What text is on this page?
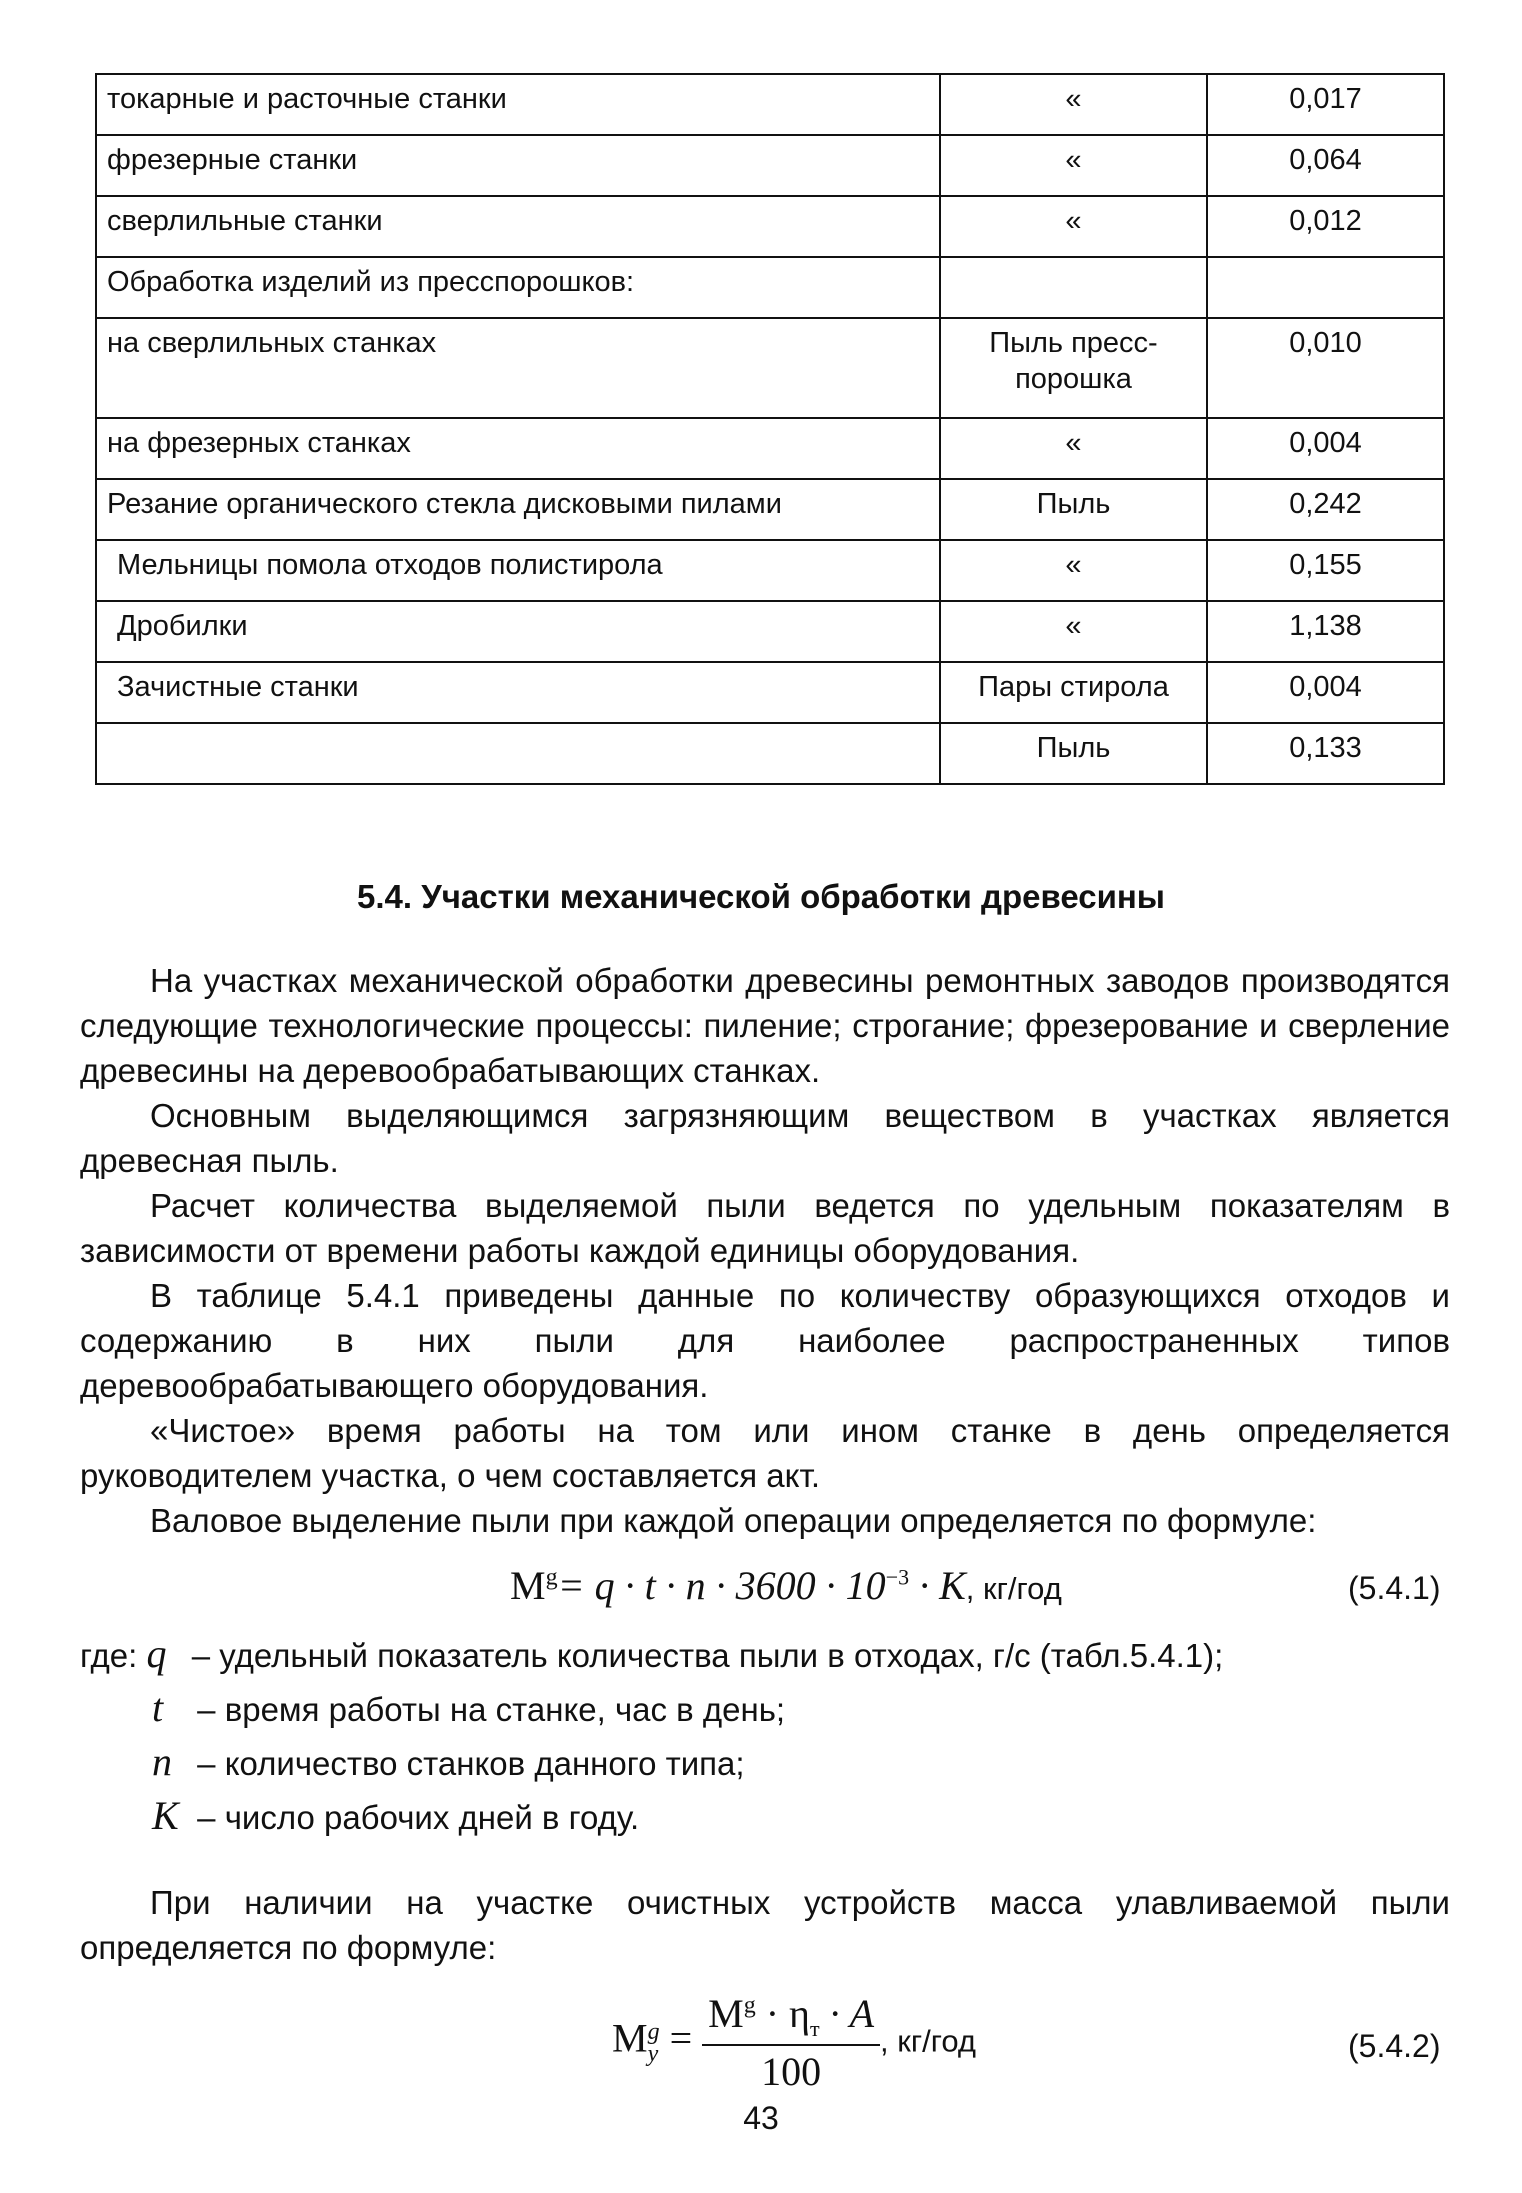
токарные и расточные станки	«	0,017
фрезерные станки	«	0,064
сверлильные станки	«	0,012
Обработка изделий из пресспорошков:		
на сверлильных станках	Пыль пресс-порошка	0,010
на фрезерных станках	«	0,004
Резание органического стекла дисковыми пилами	Пыль	0,242
Мельницы помола отходов полистирола	«	0,155
Дробилки	«	1,138
Зачистные станки	Пары стирола	0,004
	Пыль	0,133
5.4. Участки механической обработки древесины

На участках механической обработки древесины ремонтных заводов производятся следующие технологические процессы: пиление; строгание; фрезерование и сверление древесины на деревообрабатывающих станках.

Основным выделяющимся загрязняющим веществом в участках является древесная пыль.

Расчет количества выделяемой пыли ведется по удельным показателям в зависимости от времени работы каждой единицы оборудования.

В таблице 5.4.1 приведены данные по количеству образующихся отходов и содержанию в них пыли для наиболее распространенных типов деревообрабатывающего оборудования.

«Чистое» время работы на том или ином станке в день определяется руководителем участка, о чем составляется акт.

Валовое выделение пыли при каждой операции определяется по формуле:

$M^g= q \cdot t \cdot n \cdot 3600 \cdot 10^{-3} \cdot K$, кг/год	(5.4.1)
где: q – удельный показатель количества пыли в отходах, г/с (табл.5.4.1);
t – время работы на станке, час в день;
n – количество станков данного типа;
K – число рабочих дней в году.

При наличии на участке очистных устройств масса улавливаемой пыли определяется по формуле:

M g
$y = \frac{M^g \cdot \eta_т \cdot A}{100}$ , кг/год	(5.4.2)
43
